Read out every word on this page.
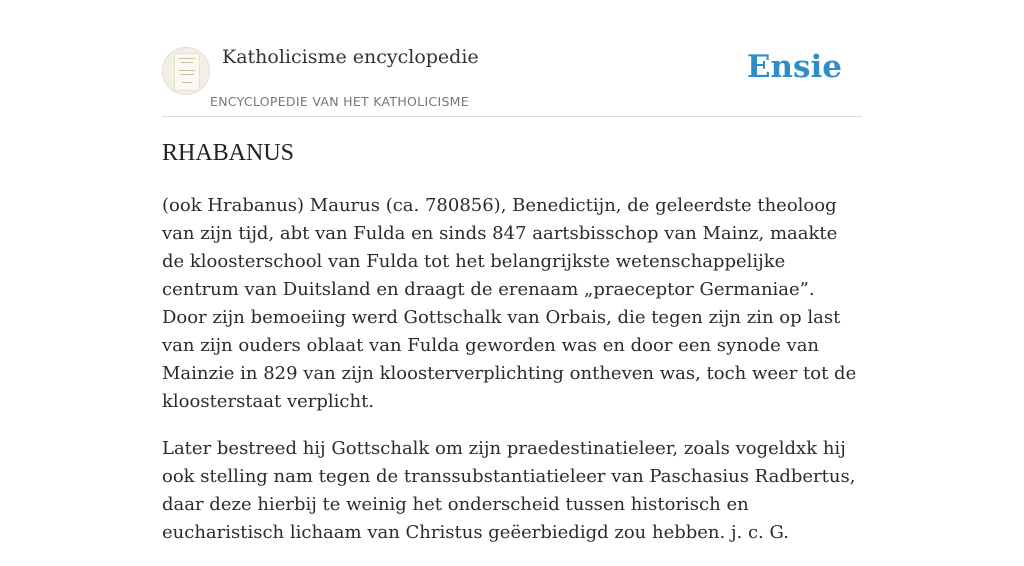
Katholicisme encyclopedie
ENCYCLOPEDIE VAN HET KATHOLICISME
Ensie
RHABANUS

(ook Hrabanus) Maurus (ca. 780856), Benedictijn, de geleerdste theoloog van zijn tijd, abt van Fulda en sinds 847 aartsbisschop van Mainz, maakte de kloosterschool van Fulda tot het belangrijkste wetenschappelijke centrum van Duitsland en draagt de erenaam „praeceptor Germaniae”. Door zijn bemoeiing werd Gottschalk van Orbais, die tegen zijn zin op last van zijn ouders oblaat van Fulda geworden was en door een synode van Mainzie in 829 van zijn kloosterverplichting ontheven was, toch weer tot de kloosterstaat verplicht.

Later bestreed hij Gottschalk om zijn praedestinatieleer, zoals vogeldxk hij ook stelling nam tegen de transsubstantiatieleer van Paschasius Radbertus, daar deze hierbij te weinig het onderscheid tussen historisch en eucharistisch lichaam van Christus geëerbiedigd zou hebben. j. c. G.
